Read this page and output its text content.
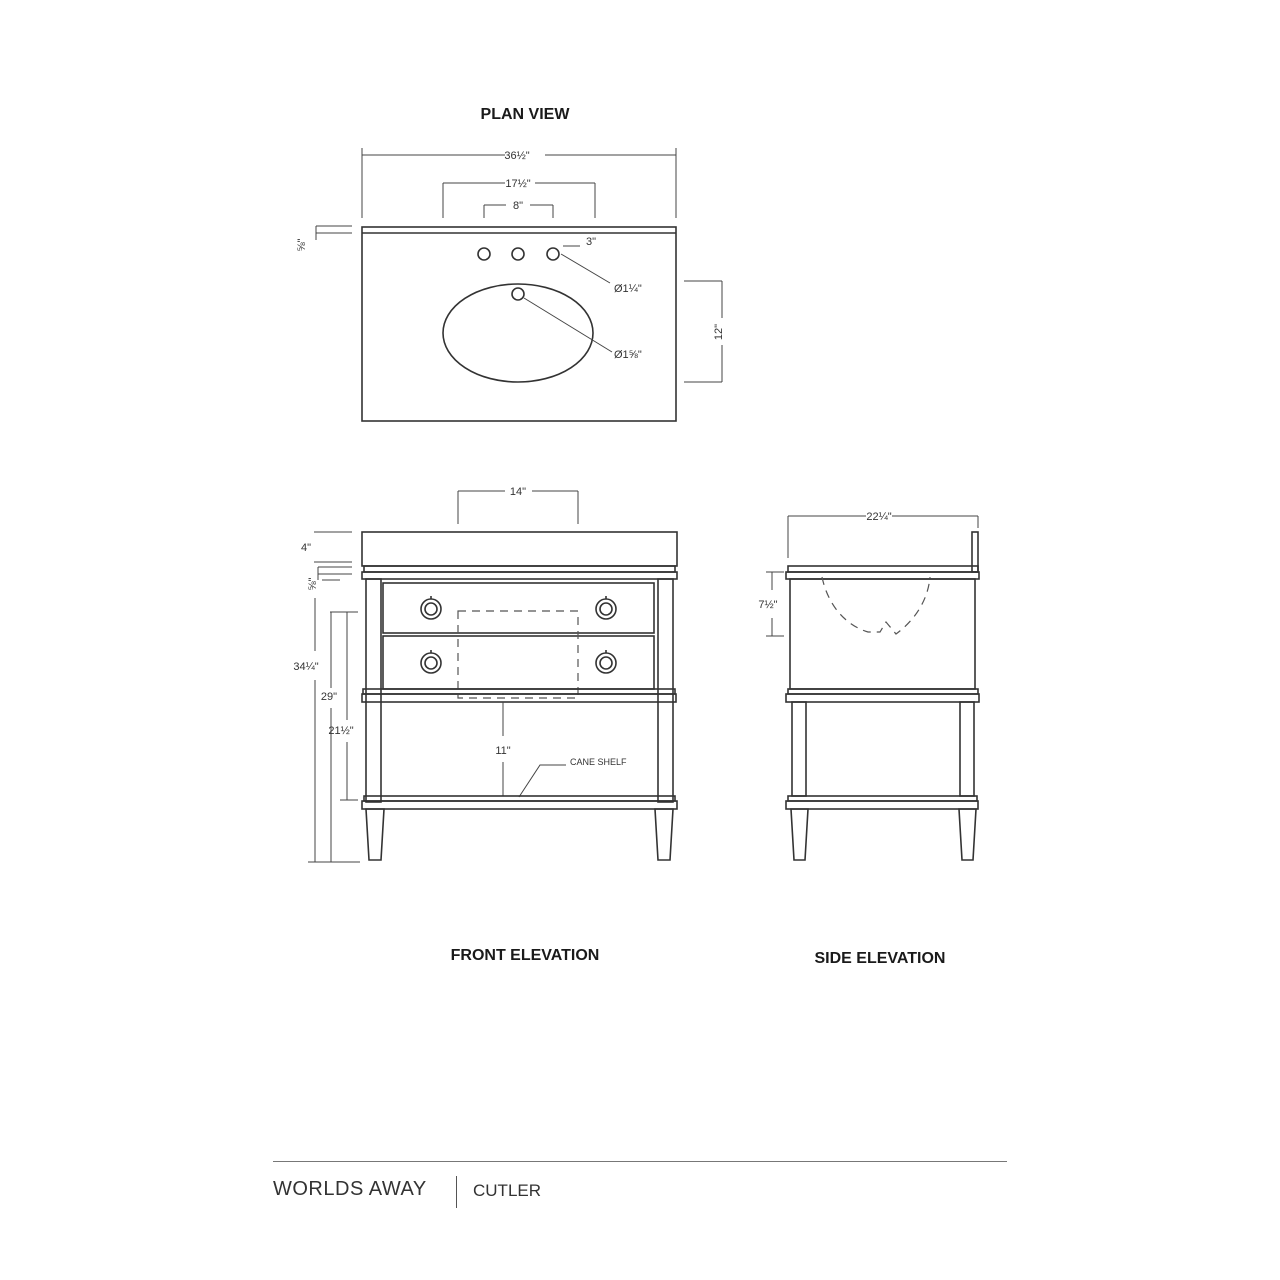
PLAN VIEW
36½"
17½"
8"
⅝"	3"
Ø1¼"
Ø1⅝"
12"
14"
4"
⅝"
34¼"
29"
21½"
11"
CANE SHELF
FRONT ELEVATION
22¼"
7½"
SIDE ELEVATION
WORLDS AWAY	CUTLER
